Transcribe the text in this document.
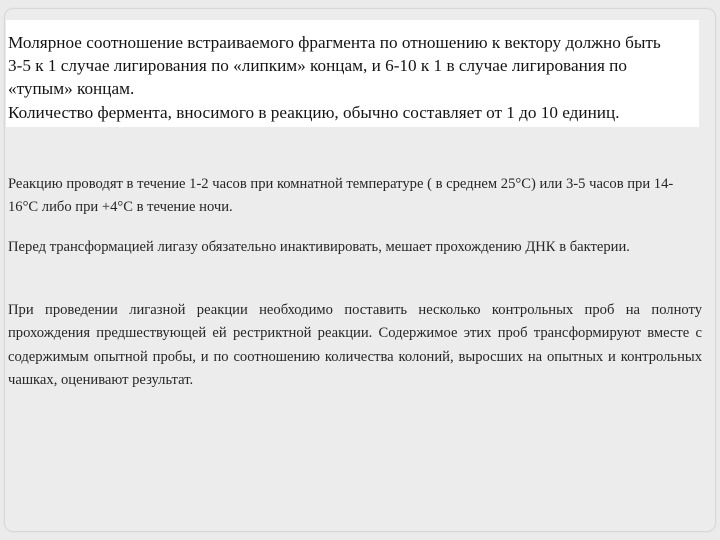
Молярное соотношение встраиваемого фрагмента по отношению к вектору должно быть 3-5 к 1 случае лигирования по «липким» концам, и 6-10 к 1 в случае лигирования по «тупым» концам.
Количество фермента, вносимого в реакцию, обычно составляет от 1 до 10 единиц.

Реакцию проводят в течение 1-2 часов при комнатной температуре ( в среднем 25°C) или 3-5 часов при 14-16°C либо при +4°C в течение ночи.

Перед трансформацией лигазу обязательно инактивировать, мешает прохождению ДНК в бактерии.

При проведении лигазной реакции необходимо поставить несколько контрольных проб на полноту прохождения предшествующей ей рестриктной реакции. Содержимое этих проб трансформируют вместе с содержимым опытной пробы, и по соотношению количества колоний, выросших на опытных и контрольных чашках, оценивают результат.
